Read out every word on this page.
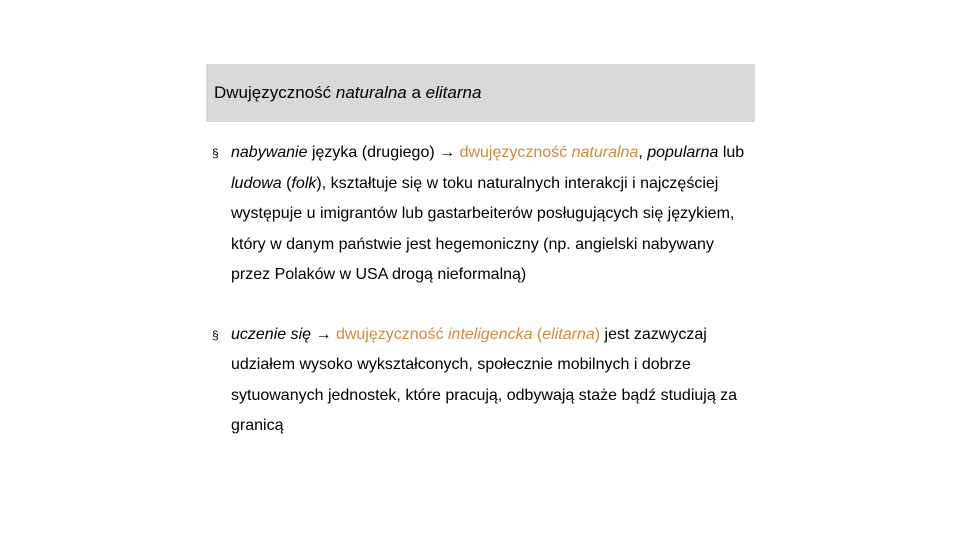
Dwujęzyczność naturalna a elitarna
§ nabywanie języka (drugiego) → dwujęzyczność naturalna, popularna lub ludowa (folk), kształtuje się w toku naturalnych interakcji i najczęściej występuje u imigrantów lub gastarbeiterów posługujących się językiem, który w danym państwie jest hegemoniczny (np. angielski nabywany przez Polaków w USA drogą nieformalną)
§ uczenie się → dwujęzyczność inteligencka (elitarna) jest zazwyczaj udziałem wysoko wykształconych, społecznie mobilnych i dobrze sytuowanych jednostek, które pracują, odbywają staże bądź studiują za granicą
